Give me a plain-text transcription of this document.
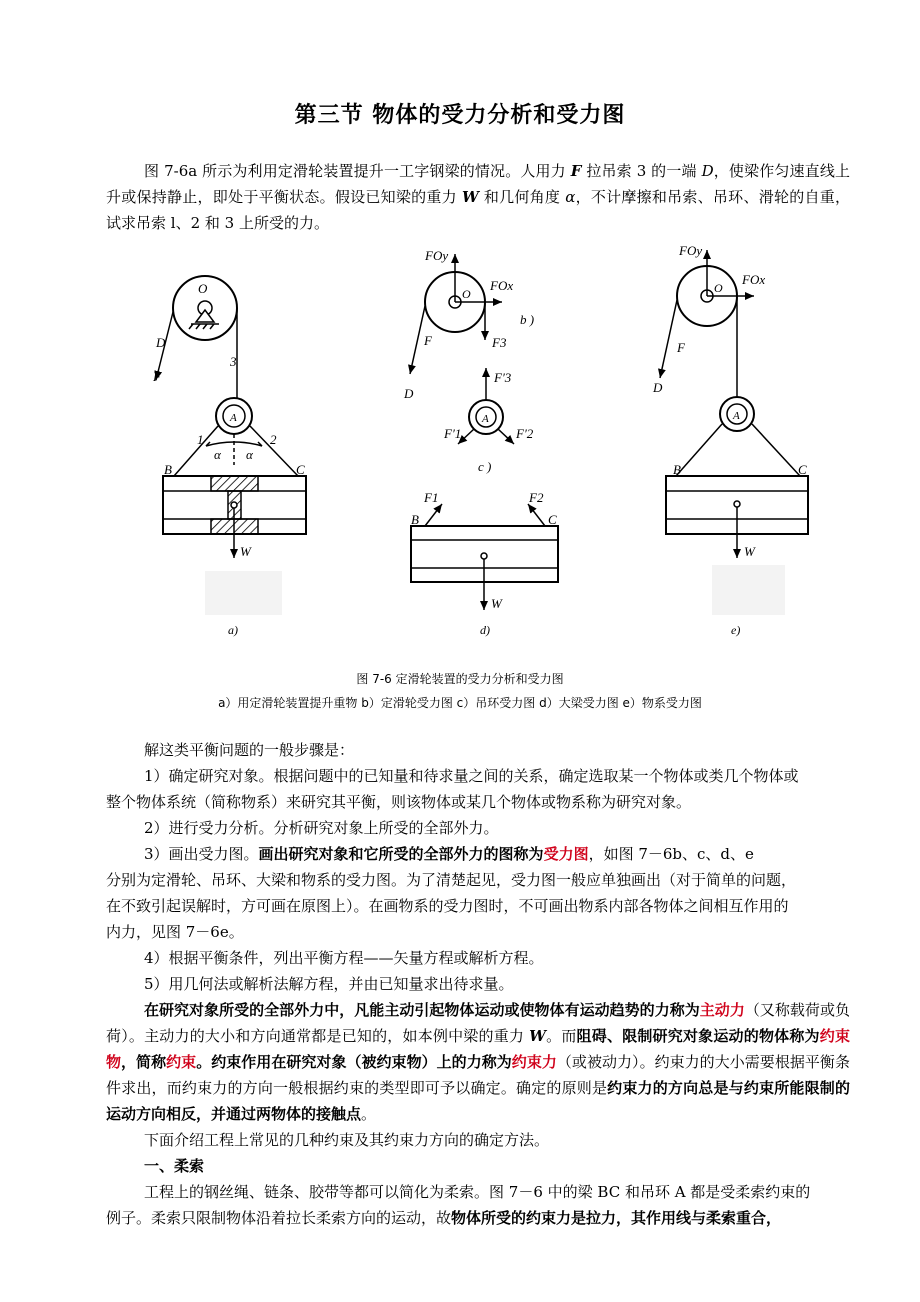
第三节 物体的受力分析和受力图
图 7-6a 所示为利用定滑轮装置提升一工字钢梁的情况。人用力 F 拉吊索 3 的一端 D，使梁作匀速直线上升或保持静止，即处于平衡状态。假设已知梁的重力 W 和几何角度 α，不计摩擦和吊索、吊环、滑轮的自重，试求吊索 l、2 和 3 上所受的力。
O
D
F
3
A
1	2
α α
B	C
W
FOy
O
FOx
F3
F
D
b )
F′3
A
F′1	F′2
c )
F1	F2
B	C
W
FOy
O
FOx
F
D
A
B	C
W
a)	d)	e)
图 7-6 定滑轮装置的受力分析和受力图
a）用定滑轮装置提升重物 b）定滑轮受力图 c）吊环受力图 d）大梁受力图 e）物系受力图
解这类平衡问题的一般步骤是：
1）确定研究对象。根据问题中的已知量和待求量之间的关系，确定选取某一个物体或类几个物体或
整个物体系统（简称物系）来研究其平衡，则该物体或某几个物体或物系称为研究对象。
2）进行受力分析。分析研究对象上所受的全部外力。
3）画出受力图。画出研究对象和它所受的全部外力的图称为受力图，如图 7－6b、c、d、e
分别为定滑轮、吊环、大梁和物系的受力图。为了清楚起见，受力图一般应单独画出（对于简单的问题，
在不致引起误解时，方可画在原图上）。在画物系的受力图时，不可画出物系内部各物体之间相互作用的
内力，见图 7－6e。
4）根据平衡条件，列出平衡方程——矢量方程或解析方程。
5）用几何法或解析法解方程，并由已知量求出待求量。
在研究对象所受的全部外力中，凡能主动引起物体运动或使物体有运动趋势的力称为主动力（又称载荷或负荷）。主动力的大小和方向通常都是已知的，如本例中梁的重力 W。而阻碍、限制研究对象运动的物体称为约束物，简称约束。约束作用在研究对象（被约束物）上的力称为约束力（或被动力）。约束力的大小需要根据平衡条件求出，而约束力的方向一般根据约束的类型即可予以确定。确定的原则是约束力的方向总是与约束所能限制的运动方向相反，并通过两物体的接触点。
下面介绍工程上常见的几种约束及其约束力方向的确定方法。
一、柔索
工程上的钢丝绳、链条、胶带等都可以简化为柔索。图 7－6 中的梁 BC 和吊环 A 都是受柔索约束的
例子。柔索只限制物体沿着拉长柔索方向的运动，故物体所受的约束力是拉力，其作用线与柔索重合，
